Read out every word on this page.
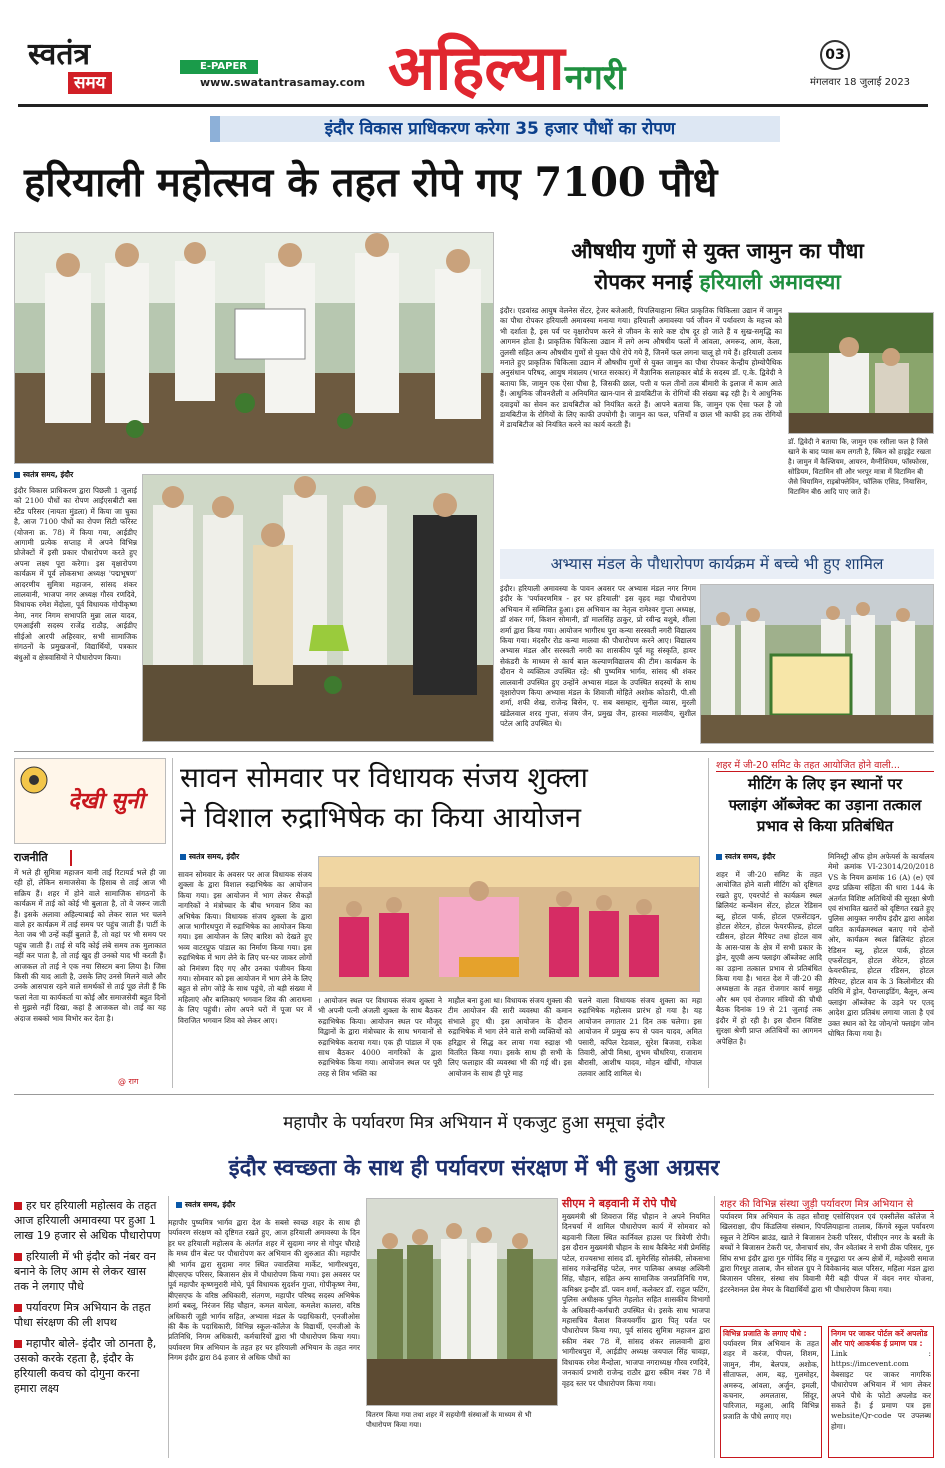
स्वतंत्र
समय
E-PAPER
www.swatantrasamay.com अहिल्यानगरी
03
मंगलवार 18 जुलाई 2023
इंदौर विकास प्राधिकरण करेगा 35 हजार पौधों का रोपण
हरियाली महोत्सव के तहत रोपे गए 7100 पौधे
स्वतंत्र समय, इंदौर
इंदौर विकास प्राधिकरण द्वारा पिछली 1 जुलाई को 2100 पौधों का रोपण आईएसबीटी बस स्टैंड परिसर (नायता मुंडला) में किया जा चुका है, आज 7100 पौधों का रोपण सिटी फॉरेस्ट (योजना क्र. 78) में किया गया, आईडीए आगामी प्रत्येक सप्ताह में अपने विभिन्न प्रोजेक्टों में इसी प्रकार पौधारोपण करते हुए अपना लक्ष्य पूरा करेगा। इस वृक्षारोपण कार्यक्रम में पूर्व लोकसभा अध्यक्ष 'पद्मभूषण' आदरणीय सुमित्रा महाजन, सांसद शंकर लालवानी, भाजपा नगर अध्यक्ष गौरव रणदिवे, विधायक रमेश मेंदोला, पूर्व विधायक गोपीकृष्ण नेमा, नगर निगम सभापति मुन्ना लाल यादव, एमआईसी सदस्य राजेंद्र राठौड़, आईडीए सीईओ आरपी अहिरवार, सभी सामाजिक संगठनों के प्रमुखजनों, विद्यार्थियों, पत्रकार बंधुओं व क्षेत्रवासियों ने पौधारोपण किया।
औषधीय गुणों से युक्त जामुन का पौधा
रोपकर मनाई हरियाली अमावस्या
इंदौर। एडवांस्ड आयुष वेलनेस सेंटर, ट्रेजर बजेआरी, पिपलियाहाना स्थित प्राकृतिक चिकित्सा उद्यान में जामुन का पौधा रोपकर हरियाली अमावस्या मनाया गया। हरियाली अमावस्या पर्व जीवन में पर्यावरण के महत्त्व को भी दर्शाता है, इस पर्व पर वृक्षारोपण करने से जीवन के सारे कष्ट दोष दूर हो जाते हैं व सुख-समृद्धि का आगमन होता है। प्राकृतिक चिकित्सा उद्यान में लगे अन्य औषधीय फलों में आंवला, अमरूद, आम, केला, तुलसी सहित अन्य औषधीय गुणों से युक्त पौधे रोपे गये हैं, जिनमें फल लगना चालू हो गये हैं। हरियाली उत्सव मनाते हुए प्राकृतिक चिकित्सा उद्यान में औषधीय गुणों से युक्त जामुन का पौधा रोपकर केन्द्रीय होम्योपैथिक अनुसंधान परिषद, आयुष मंत्रालय (भारत सरकार) में वैज्ञानिक सलाहकार बोर्ड के सदस्य डॉ. ए.के. द्विवेदी ने बताया कि, जामुन एक ऐसा पौधा है, जिसकी छाल, पत्ती व फल तीनों तत्व बीमारी के इलाज में काम आते हैं। आधुनिक जीवनशैली व अनियमित खान-पान से डायबिटीज के रोगियों की संख्या बढ़ रही है। ये आधुनिक दवाइयों का सेवन कर डायबिटीज को नियंत्रित करते हैं। आपने बताया कि, जामुन एक ऐसा फल है जो डायबिटीज के रोगियों के लिए काफी उपयोगी है। जामुन का फल, पत्तियाँ व छाल भी काफी हद तक रोगियों में डायबिटीज को नियंत्रित करने का कार्य करती हैं।
डॉ. द्विवेदी ने बताया कि, जामुन एक रसीला फल है जिसे खाने के बाद प्यास कम लगती है, स्किन को हाइड्रेट रखता है। जामुन में कैल्शियम, आयरन, मैग्नीशियम, फॉस्फोरस, सोडियम, विटामिन सी और भरपूर मात्रा में विटामिन बी जैसे थियामिन, राइबोफ्लेविन, फॉलिक एसिड, नियासिन, विटामिन बी6 आदि पाए जाते हैं।
अभ्यास मंडल के पौधारोपण कार्यक्रम में बच्चे भी हुए शामिल
इंदौर। हरियाली अमावस्या के पावन अवसर पर अभ्यास मंडल नगर निगम इंदौर के 'पर्यावरणमित्र - हर घर हरियाली' इस वृहद महा पौधारोपण अभियान में सम्मिलित हुआ। इस अभियान का नेतृत्व रामेश्वर गुप्ता अध्यक्ष, डॉ शंकर गर्ग, किशन सोमानी, डॉ मालसिंह ठाकुर, प्रो रवीन्द्र वशुबे, शीला शर्मा द्वारा किया गया। आयोजन भागीरथ पुरा कन्या सरस्वती नगरी विद्यालय किया गया। मंदसौर रोड कन्या मालवा की पौधारोपण करने आए। विद्यालय अभ्यास मंडल और सरस्वती नगरी का शासकीय पूर्व महू संस्कृति, हायर सेकंडरी के माध्यम से कार्य बाल कल्याणविद्यालय की टीम। कार्यक्रम के दौरान ये व्यक्तित्व उपस्थित रहे: श्री पुष्यमित्र भार्गव, सांसद श्री शंकर लालवानी उपस्थित हुए उन्होंने अभ्यास मंडल के उपस्थित सदस्यों के साथ वृक्षारोपण किया अभ्यास मंडल के शिवाजी मोहिते अशोक कोठारी, पी.सी शर्मा, शफी शेख, राजेन्द्र बिसेन, ए. सब बसम्हार, सुनील व्यास, मुरली खंडेलवाल शरद गुप्ता, संजय जैन, प्रमुख जैन, हारका मालवीय, सुशील पटेल आदि उपस्थित थे।
देखी सुनी
राजनीति
में भले ही सुमित्रा महाजन यानी ताई रिटायर्ड भले ही जा रही हों, लेकिन समाजसेवा के हिसाब से ताई आज भी सक्रिय हैं। शहर में होने वाले सामाजिक संगठनों के कार्यक्रम में ताई को कोई भी बुलाता है, तो वे जरूर जाती हैं। इसके अलावा अहिल्याबाई को लेकर साल भर चलने वाले हर कार्यक्रम में ताई समय पर पहुंच जाती हैं। पार्टी के नेता जब भी उन्हें कहीं बुलाते हैं, तो वहां पर भी समय पर पहुंच जाती हैं। ताई से यदि कोई लंबे समय तक मुलाकात नहीं कर पाता है, तो ताई खुद ही उनको याद भी करती हैं। आजकल तो ताई ने एक नया सिस्टम बना लिया है। जिस किसी की याद आती है, उसके लिए उनसे मिलने वाले और उनके आसपास रहने वाले समर्थकों से ताई पूछ लेती हैं कि फलां नेता या कार्यकर्ता या कोई और समाजसेवी बहुत दिनों से मुझसे नहीं दिखा, कहां है आजकल वो। ताई का यह अंदाज सबको भाव विभोर कर देता है।
@ राग
सावन सोमवार पर विधायक संजय शुक्ला
ने विशाल रुद्राभिषेक का किया आयोजन
स्वतंत्र समय, इंदौर
सावन सोमवार के अवसर पर आज विधायक संजय शुक्ला के द्वारा विशाल रुद्राभिषेक का आयोजन किया गया। इस आयोजन में भाग लेकर सैकड़ों नागरिकों ने मंत्रोच्चार के बीच भगवान शिव का अभिषेक किया। विधायक संजय शुक्ला के द्वारा आज भागीरथपुरा में रुद्राभिषेक का आयोजन किया गया। इस आयोजन के लिए बारिश को देखते हुए भव्य वाटरप्रूफ पांडाल का निर्माण किया गया। इस रुद्राभिषेक में भाग लेने के लिए घर-घर जाकर लोगों को निमंत्रण दिए गए और उनका पंजीयन किया गया। सोमवार को इस आयोजन में भाग लेने के लिए बहुत से लोग जोड़े के साथ पहुंचे, तो बड़ी संख्या में महिलाएं और बालिकाएं भगवान शिव की आराधना के लिए पहुंची। लोग अपने घरों में पूजा घर में विराजित भगवान शिव को लेकर आए।
। आयोजन स्थल पर विधायक संजय शुक्ला ने भी अपनी पत्नी अंजली शुक्ला के साथ बैठकर रुद्राभिषेक किया। आयोजन स्थल पर मौजूद विद्वानों के द्वारा मंत्रोच्चार के साथ भगवानों से रुद्राभिषेक कराया गया। एक ही पांडाल में एक साथ बैठकर 4000 नागरिकों के द्वारा रुद्राभिषेक किया गया। आयोजन स्थल पर पूरी तरह से शिव भक्ति का
माहौल बना हुआ था। विधायक संजय शुक्ला की टीम आयोजन की सारी व्यवस्था की कमान संभाले हुए थी। इस आयोजन के दौरान रुद्राभिषेक में भाग लेने वाले सभी व्यक्तियों को हरिद्वार से सिद्ध कर लाया गया रुद्राक्ष भी वितरित किया गया। इसके साथ ही सभी के लिए फलाहार की व्यवस्था भी की गई थी। इस आयोजन के साथ ही पूरे माह
चलने वाला विधायक संजय शुक्ला का महा रुद्राभिषेक महोत्सव प्रारंभ हो गया है। यह आयोजन लगातार 21 दिन तक चलेगा। इस आयोजन में प्रमुख रूप से पवन यादव, अमित पसारी, कपिल रेडवाल, सुरेश बिजवा, राकेश तिवारी, ओपी मिश्रा, शुभम चौधरिया, राजाराम बौरासी, आशीष यादव, मोहन खींची, गोपाल तलवार आदि शामिल थे।
शहर में जी-20 समिट के तहत आयोजित होने वाली...
मीटिंग के लिए इन स्थानों पर
फ्लाइंग ऑब्जेक्ट का उड़ाना तत्काल
प्रभाव से किया प्रतिबंधित
स्वतंत्र समय, इंदौर
शहर में जी-20 समिट के तहत आयोजित होने वाली मीटिंग को दृष्टिगत रखते हुए, एयरपोर्ट से कार्यक्रम स्थल ब्रिलियंट कन्वेंशन सेंटर, होटल रेडिसन ब्लू, होटल पार्क, होटल एफ़सेंटाइन, होटल शेरेटन, होटल फेयरफील्ड, होटल रडीसन, होटल मैरियट तथा होटल वाव के आस-पास के क्षेत्र में सभी प्रकार के ड्रोन, यूएवी अन्य फ्लाइंग ऑब्जेक्ट आदि का उड़ाना तत्काल प्रभाव से प्रतिबंधित किया गया है। भारत देश में जी-20 की अध्यक्षता के तहत रोजगार कार्य समूह और श्रम एवं रोजगार मंत्रियों की चौथी बैठक दिनांक 19 से 21 जुलाई तक इंदौर में हो रही है। इस दौरान विशिष्ट सुरक्षा श्रेणी प्राप्त अतिथियों का आगमन अपेक्षित है।
मिनिस्ट्री ऑफ होम अफेयर्स के कार्यालय मेमो क्रमांक VI-23014/20/2018 VS के नियम क्रमांक 16 (A) (e) एवं दण्ड प्रक्रिया संहिता की धारा 144 के अंतर्गत विशिष्ट अतिथियों की सुरक्षा श्रेणी एवं संभावित खतरों को दृष्टिगत रखते हुए पुलिस आयुक्त नगरीय इंदौर द्वारा आदेश पारित कार्यक्रमस्थल बताए गये दोनों ओर, कार्यक्रम स्थल ब्रिलियंट होटल रेडिसन ब्लू, होटल पार्क, होटल एफसेंटाइन, होटल शेरेटन, होटल फेयरफील्ड, होटल रडिसन, होटल मैरियट, होटल वाव के 3 किलोमीटर की परिधि में ड्रोन, पैराग्लाइडिंग, बैलून, अन्य फ्लाइंग ऑब्जेक्ट के उड़ने पर एतद् आदेश द्वारा प्रतिबंध लगाया जाता है एवं उक्त स्थान को रेड जोन/नो फ्लाइंग जोन घोषित किया गया है।
महापौर के पर्यावरण मित्र अभियान में एकजुट हुआ समूचा इंदौर
इंदौर स्वच्छता के साथ ही पर्यावरण संरक्षण में भी हुआ अग्रसर
हर घर हरियाली महोत्सव के तहत आज हरियाली अमावस्या पर हुआ 1 लाख 19 हजार से अधिक पौधारोपण
हरियाली में भी इंदौर को नंबर वन बनाने के लिए आम से लेकर खास तक ने लगाए पौधे
पर्यावरण मित्र अभियान के तहत पौधा संरक्षण की ली शपथ
महापौर बोले- इंदौर जो ठानता है, उसको करके रहता है, इंदौर के हरियाली कवच को दोगुना करना हमारा लक्ष्य
स्वतंत्र समय, इंदौर
महापौर पुष्यमित्र भार्गव द्वारा देश के सबसे स्वच्छ शहर के साथ ही पर्यावरण संरक्षण को दृष्टिगत रखते हुए, आज हरियाली अमावस्या के दिन हर घर हरियाली महोत्सव के अंतर्गत शहर में सुदामा नगर से गोपुर चौराहे के मध्य ग्रीन बेल्ट पर पौधारोपण कर अभियान की शुरुआत की। महापौर श्री भार्गव द्वारा सुदामा नगर स्थित ज्वारलिया मार्केट, भागीरथपुरा, बीएसएफ परिसर, बिजासन क्षेत्र में पौधारोपण किया गया। इस अवसर पर पूर्व महापौर कृष्णमुरारी मोघे, पूर्व विधायक सुदर्शन गुप्ता, गोपीकृष्ण नेमा, बीएसएफ के वरिष्ठ अधिकारी, संतगण, महापौर परिषद सदस्य अभिषेक शर्मा बबलू, निरंजन सिंह चौहान, कमल वाघेला, कमलेश कालरा, वरिष्ठ अधिकारी जूही भार्गव सहित, अभ्यास मंडल के पदाधिकारी, एनजीओस की बैंक के पदाधिकारी, विभिन्न स्कूल-कॉलेज के विद्यार्थी, एनजीओ के प्रतिनिधि, निगम अधिकारी, कर्मचारियों द्वारा भी पौधारोपण किया गया। पर्यावरण मित्र अभियान के तहत हर घर हरियाली अभियान के तहत नगर निगम इंदौर द्वारा 84 हजार से अधिक पौधों का
वितरण किया गया तथा शहर में सहयोगी संस्थाओं के माध्यम से भी पौधारोपण किया गया।
सीएम ने बड़वानी में रोपे पौधे
मुख्यमंत्री श्री शिवराज सिंह चौहान ने अपने नियमित दिनचर्या में शामिल पौधारोपण कार्य में सोमवार को बड़वानी जिला स्थित कार्निवल हाउस पर त्रिवेणी रोपी। इस दौरान मुख्यमंत्री चौहान के साथ कैबिनेट मंत्री प्रेमसिंह पटेल, राज्यसभा सांसद डॉ. सुमेरसिंह सोलंकी, लोकसभा सांसद गजेन्द्रसिंह पटेल, नगर पालिका अध्यक्ष अश्विनी सिंह, चौहान, सहित अन्य सामाजिक जनप्रतिनिधि गण, कमिश्नर इन्दौर डॉ. पवन शर्मा, कलेक्टर डॉ. राहुल फटिंग, पुलिस अधीक्षक पुनित गेहलोत सहित शासकीय विभागों के अधिकारी-कर्मचारी उपस्थित थे। इसके साथ भाजपा महासचिव वैलाश विजयवर्गीय द्वारा पितृ पर्वत पर पौधारोपण किया गया, पूर्व सांसद सुमित्रा महाजन द्वारा स्कीम नंबर 78 में, सांसद शंकर लालवानी द्वारा भागीरथपुरा में, आईडीए अध्यक्ष जयपाल सिंह चावड़ा, विधायक रमेश मैन्दोला, भाजपा नगराध्यक्ष गौरव रणदिवे, जनकार्य प्रभारी राजेन्द्र राठौर द्वारा स्कीम नंबर 78 में वृहद स्तर पर पौधारोपण किया गया।
शहर की विभिन्न संस्था जुड़ी पर्यावरण मित्र अभियान से
पर्यावरण मित्र अभियान के तहत सौराष्ट्र एसोसिएशन एवं एक्सीलेंस कॉलेज ने खिलराक्षा, दीप किंडलिया संस्थान, पिपलियाहाना तालाब, किंगवे स्कूल पर्यावरण स्कूल ने टेम्पिन ब्राउंड, खाते ने बिजासन टेकरी परिसर, पीसीएन नगर के बस्ती के बच्चों ने बिजासन टेकरी पर, जैनाचार्य संघ, जैन श्वेतांबर ने सभी ठीक परिसर, गुरु सिंघ सभा इंदौर द्वारा गुरु गोविंद सिंह व गुरुद्वारा पर अन्य क्षेत्रों में, महेश्वरी समाज द्वारा गिरधुर तालाब, जैन सोशल ग्रुप ने विवेकानंद बाल परिसर, महिला मंडल द्वारा बिजासन परिसर, संस्था संघ विवानी मैरी बड़ी पीपल में वंदन नगर योजना, इंटरनेशनल प्रेस मेयर के विद्यार्थियों द्वारा भी पौधारोपण किया गया।
विभिन्न प्रजाति के लगाए पौधे :
पर्यावरण मित्र अभियान के तहत शहर में करंज, पीपल, शिशम, जामुन, नीम, बेलपत्र, अशोक, सीताफल, आम, बड़, गुलमोहर, अमरूद, आंवला, अर्जुन, इमली, कचनार, अमलतास, सिंदूर, पारिजात, महुआ, आदि विभिन्न प्रजाति के पौधे लगाए गए।
निगम पर जाकर पोर्टल करें अपलोड और पाएं आकर्षक ई प्रमाण पत्र :
Link : https://imcevent.com वेबसाइट पर जाकर नागरिक पौधारोपण अभियान में भाग लेकर अपने पौधे के फोटो अपलोड कर सकते हैं। ई प्रमाण पत्र इस website/Qr-code पर उपलब्ध होगा।
